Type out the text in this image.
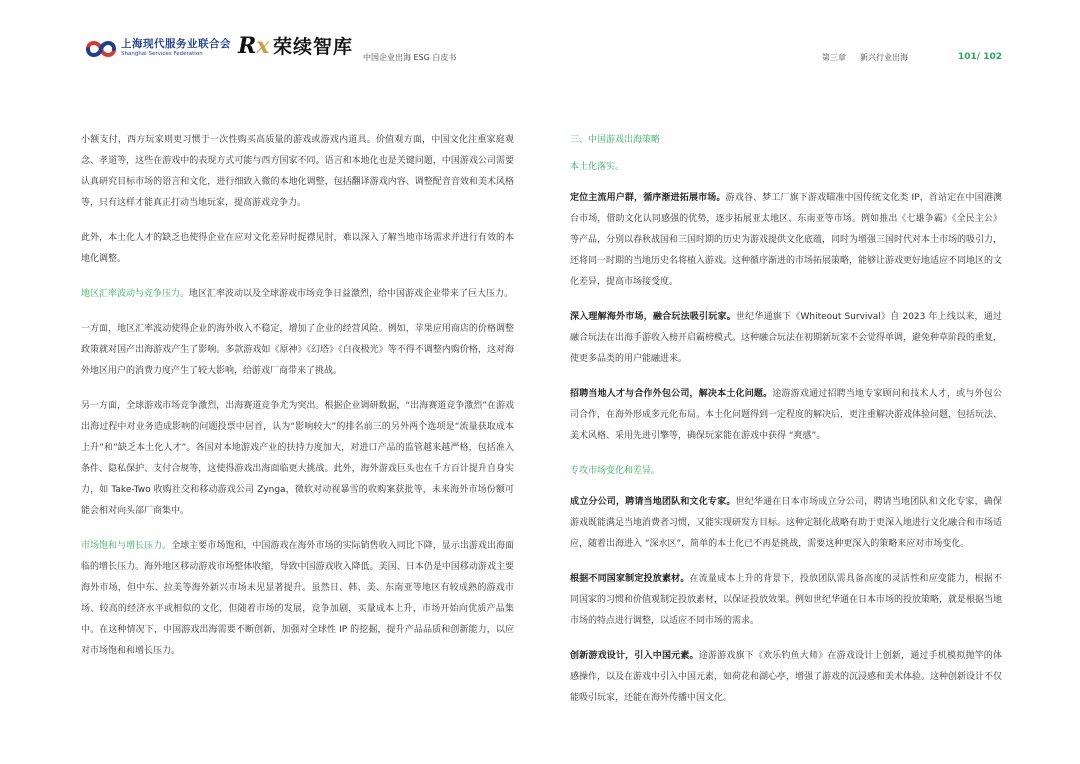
上海现代服务业联合会
Shanghai Services Federation	Rx 荣续智库 中国企业出海 ESG 白皮书	第三章 新兴行业出海	101/ 102

小额支付，西方玩家则更习惯于一次性购买高质量的游戏或游戏内道具。价值观方面，中国文化注重家庭观念、孝道等，这些在游戏中的表现方式可能与西方国家不同。语言和本地化也是关键问题，中国游戏公司需要认真研究目标市场的语言和文化，进行细致入微的本地化调整，包括翻译游戏内容、调整配音音效和美术风格等，只有这样才能真正打动当地玩家，提高游戏竞争力。

此外，本土化人才的缺乏也使得企业在应对文化差异时捉襟见肘，难以深入了解当地市场需求并进行有效的本地化调整。

地区汇率波动与竞争压力。地区汇率波动以及全球游戏市场竞争日益激烈，给中国游戏企业带来了巨大压力。

一方面，地区汇率波动使得企业的海外收入不稳定，增加了企业的经营风险。例如，苹果应用商店的价格调整政策就对国产出海游戏产生了影响。多款游戏如《原神》《幻塔》《白夜极光》等不得不调整内购价格，这对海外地区用户的消费力度产生了较大影响，给游戏厂商带来了挑战。

另一方面，全球游戏市场竞争激烈，出海赛道竞争尤为突出。根据企业调研数据，“出海赛道竞争激烈”在游戏出海过程中对业务造成影响的问题投票中居首，认为“影响较大”的排名前三的另外两个选项是“流量获取成本上升”和“缺乏本土化人才”。各国对本地游戏产业的扶持力度加大，对进口产品的监管越来越严格，包括准入条件、隐私保护、支付合规等，这使得游戏出海面临更大挑战。此外，海外游戏巨头也在千方百计提升自身实力，如 Take-Two 收购社交和移动游戏公司 Zynga，微软对动视暴雪的收购案获批等，未来海外市场份额可能会相对向头部厂商集中。

市场饱和与增长压力。全球主要市场饱和，中国游戏在海外市场的实际销售收入同比下降，显示出游戏出海面临的增长压力。海外地区移动游戏市场整体收缩，导致中国游戏收入降低。美国、日本仍是中国移动游戏主要海外市场，但中东、拉美等海外新兴市场未见显著提升。虽然日、韩、美、东南亚等地区有较成熟的游戏市场、较高的经济水平或相似的文化，但随着市场的发展，竞争加剧，买量成本上升，市场开始向优质产品集中。在这种情况下，中国游戏出海需要不断创新，加强对全球性 IP 的挖掘，提升产品品质和创新能力，以应对市场饱和和增长压力。

三、中国游戏出海策略

本土化落实。

定位主流用户群，循序渐进拓展市场。游戏谷、梦工厂旗下游戏瞄准中国传统文化类 IP，首站定在中国港澳台市场，借助文化认同感强的优势，逐步拓展亚太地区、东南亚等市场。例如推出《七雄争霸》《全民主公》等产品，分别以春秋战国和三国时期的历史为游戏提供文化底蕴，同时为增强三国时代对本土市场的吸引力，还将同一时期的当地历史名将植入游戏。这种循序渐进的市场拓展策略，能够让游戏更好地适应不同地区的文化差异，提高市场接受度。

深入理解海外市场，融合玩法吸引玩家。世纪华通旗下《Whiteout Survival》自 2023 年上线以来，通过融合玩法在出海手游收入榜开启霸榜模式。这种融合玩法在初期新玩家不会觉得单调，避免种草阶段的重复，使更多品类的用户能融进来。

招聘当地人才与合作外包公司，解决本土化问题。途游游戏通过招聘当地专家顾问和技术人才，或与外包公司合作，在海外形成多元化布局。本土化问题得到一定程度的解决后，更注重解决游戏体验问题，包括玩法、美术风格、采用先进引擎等，确保玩家能在游戏中获得 “爽感”。

专攻市场变化和差异。

成立分公司，聘请当地团队和文化专家。世纪华通在日本市场成立分公司，聘请当地团队和文化专家，确保游戏既能满足当地消费者习惯，又能实现研发方目标。这种定制化战略有助于更深入地进行文化融合和市场适应，随着出海进入 “深水区”，简单的本土化已不再是挑战，需要这种更深入的策略来应对市场变化。

根据不同国家制定投放素材。在流量成本上升的背景下，投放团队需具备高度的灵活性和应变能力，根据不同国家的习惯和价值观制定投放素材，以保证投放效果。例如世纪华通在日本市场的投放策略，就是根据当地市场的特点进行调整，以适应不同市场的需求。

创新游戏设计，引入中国元素。途游游戏旗下《欢乐钓鱼大师》在游戏设计上创新，通过手机模拟抛竿的体感操作，以及在游戏中引入中国元素，如荷花和湖心亭，增强了游戏的沉浸感和美术体验。这种创新设计不仅能吸引玩家，还能在海外传播中国文化。
